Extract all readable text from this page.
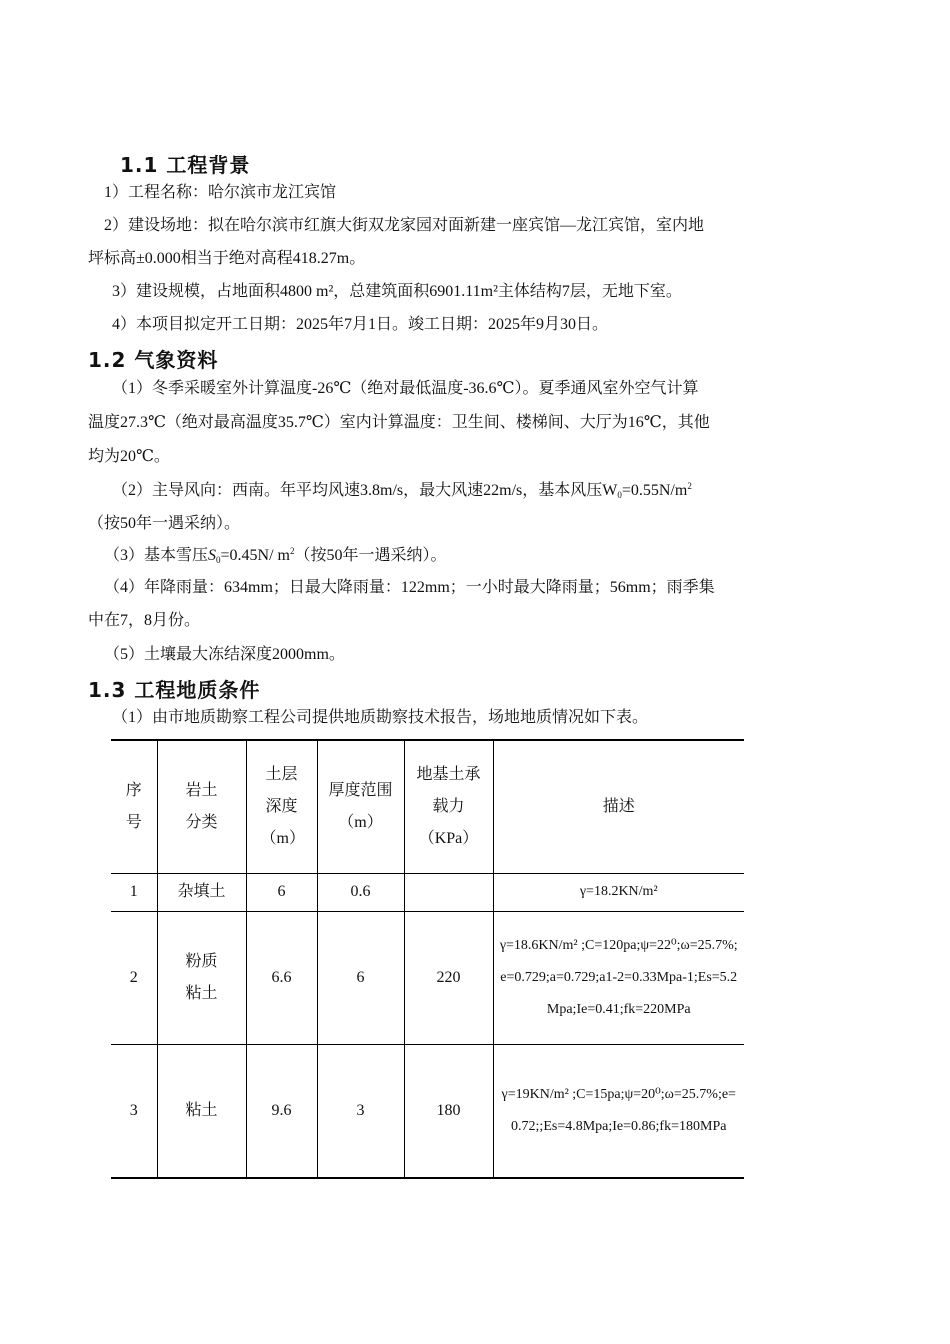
1.1 工程背景
1）工程名称：哈尔滨市龙江宾馆
2）建设场地：拟在哈尔滨市红旗大街双龙家园对面新建一座宾馆—龙江宾馆，室内地
坪标高±0.000相当于绝对高程418.27m。
3）建设规模，占地面积4800 m²，总建筑面积6901.11m²主体结构7层，无地下室。
4）本项目拟定开工日期：2025年7月1日。竣工日期：2025年9月30日。
1.2 气象资料
（1）冬季采暖室外计算温度-26℃（绝对最低温度-36.6℃）。夏季通风室外空气计算
温度27.3℃（绝对最高温度35.7℃）室内计算温度：卫生间、楼梯间、大厅为16℃，其他
均为20℃。
（2）主导风向：西南。年平均风速3.8m/s，最大风速22m/s，基本风压$W_0=0.55N/m^2$
（按50年一遇采纳）。
（3）基本雪压$S_0=0.45N/$ $m^2$（按50年一遇采纳）。
（4）年降雨量：634mm；日最大降雨量：122mm；一小时最大降雨量；56mm；雨季集
中在7，8月份。
（5）土壤最大冻结深度2000mm。
1.3 工程地质条件
（1）由市地质勘察工程公司提供地质勘察技术报告，场地地质情况如下表。
序号	岩土分类	土层深度（m）	厚度范围（m）	地基土承载力（KPa）	描述
1	杂填土	6	0.6		γ=18.2KN/m²
2	粉质粘土	6.6	6	220	γ=18.6KN/m² ;C=120pa;ψ=22⁰;ω=25.7%;e=0.729;a=0.729;a1-2=0.33Mpa-1;Es=5.2Mpa;Ie=0.41;fk=220MPa
3	粘土	9.6	3	180	γ=19KN/m² ;C=15pa;ψ=20⁰;ω=25.7%;e=0.72;;Es=4.8Mpa;Ie=0.86;fk=180MPa
